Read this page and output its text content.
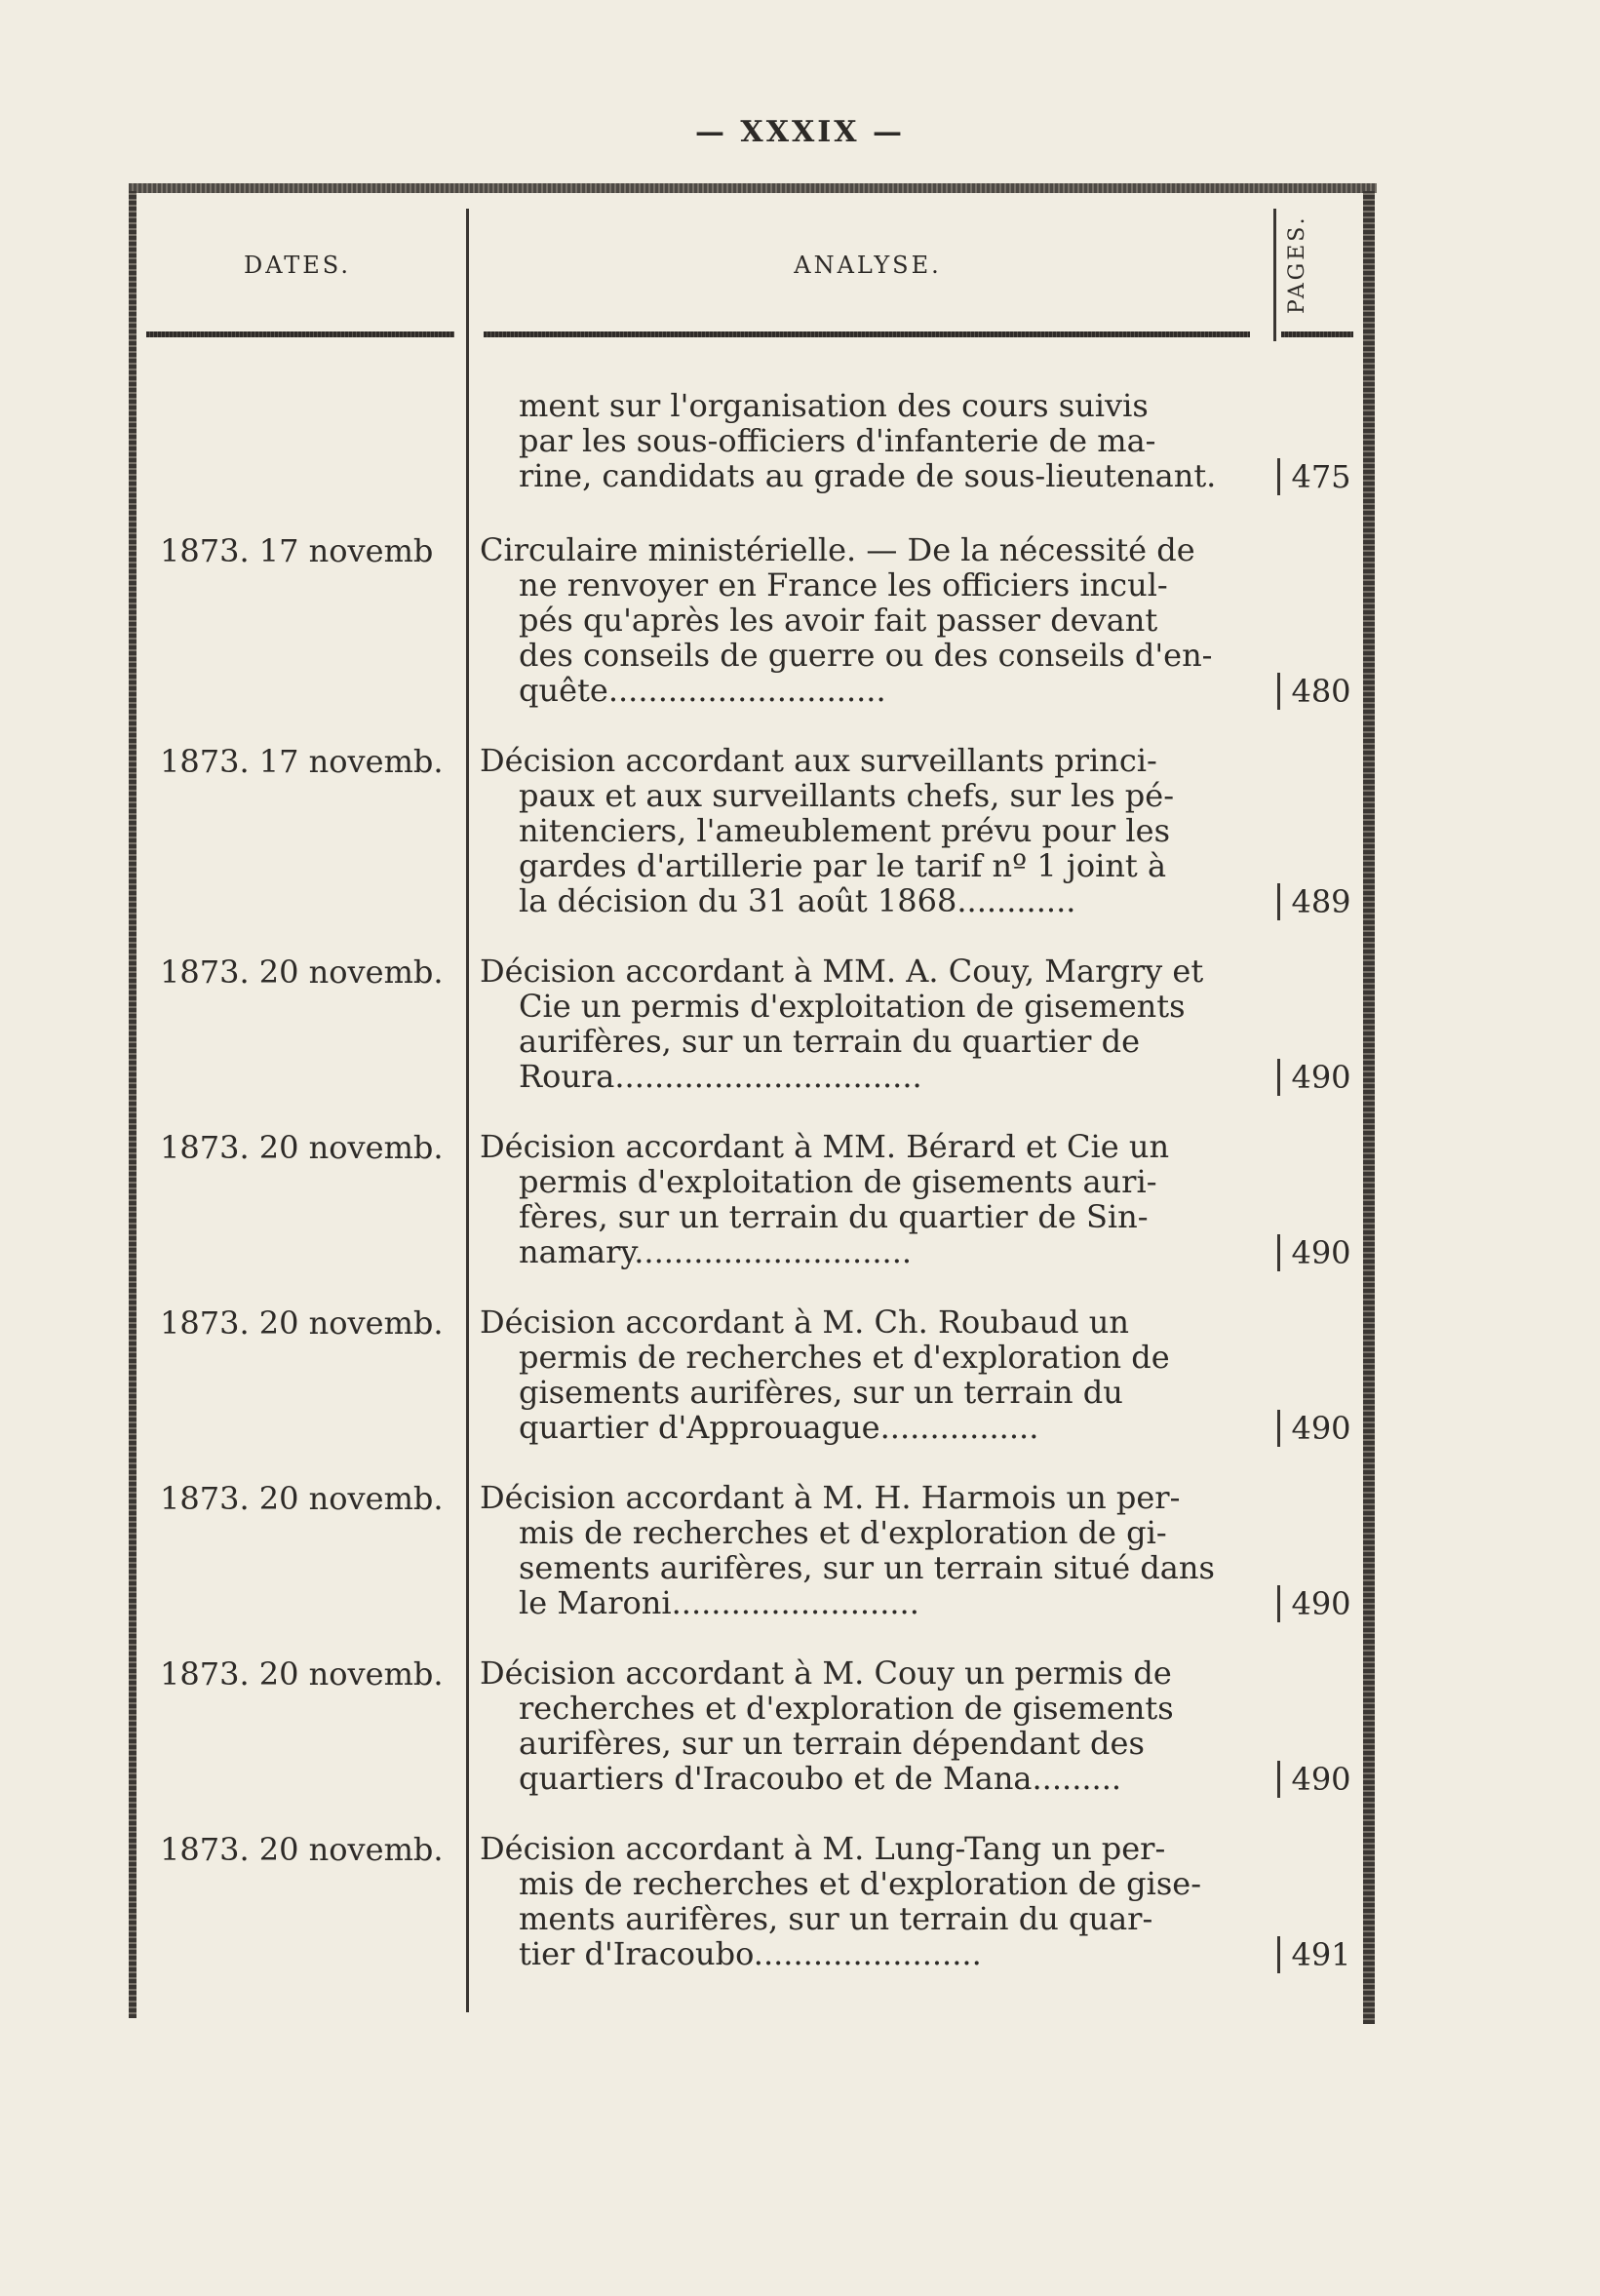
— XXXIX —
DATES.	ANALYSE.	PAGES.
ment sur l'organisation des cours suivis
par les sous-officiers d'infanterie de ma-
rine, candidats au grade de sous-lieutenant.	475
1873. 17 novemb Circulaire ministérielle. — De la nécessité de
ne renvoyer en France les officiers incul-
pés qu'après les avoir fait passer devant
des conseils de guerre ou des conseils d'en-
quête............................	480
1873. 17 novemb. Décision accordant aux surveillants princi-
paux et aux surveillants chefs, sur les pé-
nitenciers, l'ameublement prévu pour les
gardes d'artillerie par le tarif nº 1 joint à
la décision du 31 août 1868............	489
1873. 20 novemb. Décision accordant à MM. A. Couy, Margry et
Cie un permis d'exploitation de gisements
aurifères, sur un terrain du quartier de
Roura...............................	490
1873. 20 novemb. Décision accordant à MM. Bérard et Cie un
permis d'exploitation de gisements auri-
fères, sur un terrain du quartier de Sin-
namary............................	490
1873. 20 novemb. Décision accordant à M. Ch. Roubaud un
permis de recherches et d'exploration de
gisements aurifères, sur un terrain du
quartier d'Approuague................	490
1873. 20 novemb. Décision accordant à M. H. Harmois un per-
mis de recherches et d'exploration de gi-
sements aurifères, sur un terrain situé dans
le Maroni.........................	490
1873. 20 novemb. Décision accordant à M. Couy un permis de
recherches et d'exploration de gisements
aurifères, sur un terrain dépendant des
quartiers d'Iracoubo et de Mana.........	490
1873. 20 novemb. Décision accordant à M. Lung-Tang un per-
mis de recherches et d'exploration de gise-
ments aurifères, sur un terrain du quar-
tier d'Iracoubo.......................	491
